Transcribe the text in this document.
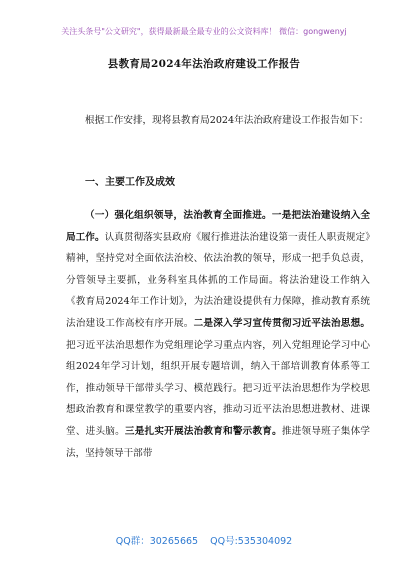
关注头条号"公文研究"，获得最新最全最专业的公文资料库！ 微信：gongwenyj
县教育局2024年法治政府建设工作报告
根据工作安排，现将县教育局2024年法治政府建设工作报告如下：
一、主要工作及成效
（一）强化组织领导，法治教育全面推进。一是把法治建设纳入全局工作。认真贯彻落实县政府《履行推进法治建设第一责任人职责规定》精神，坚持党对全面依法治校、依法治教的领导，形成一把手负总责，分管领导主要抓，业务科室具体抓的工作局面。将法治建设工作纳入《教育局2024年工作计划》，为法治建设提供有力保障，推动教育系统法治建设工作高校有序开展。二是深入学习宣传贯彻习近平法治思想。把习近平法治思想作为党组理论学习重点内容，列入党组理论学习中心组2024年学习计划，组织开展专题培训，纳入干部培训教育体系等工作，推动领导干部带头学习、模范践行。把习近平法治思想作为学校思想政治教育和课堂教学的重要内容，推动习近平法治思想进教材、进课堂、进头脑。三是扎实开展法治教育和警示教育。推进领导班子集体学法，坚持领导干部带
QQ群：30265665    QQ号:535304092
